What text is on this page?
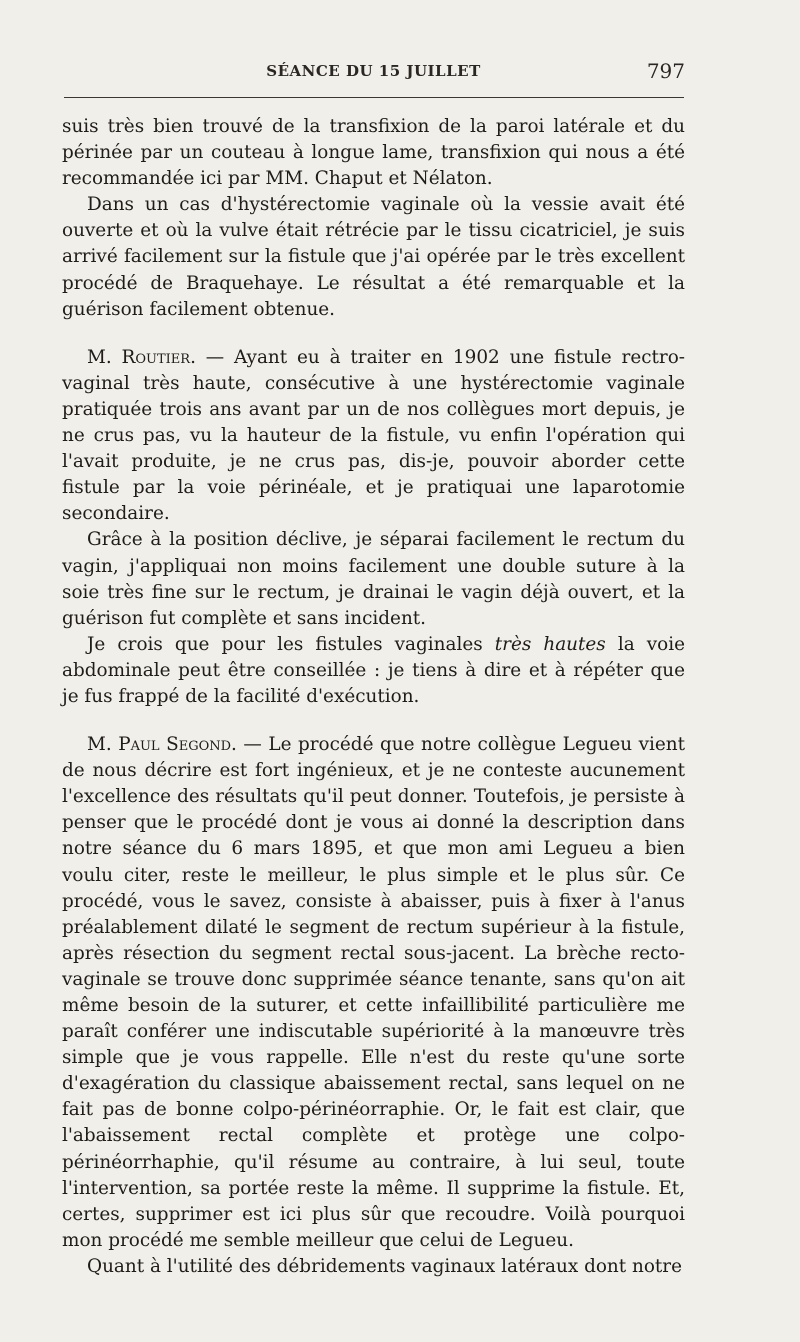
SÉANCE DU 15 JUILLET	797

suis très bien trouvé de la transfixion de la paroi latérale et du périnée par un couteau à longue lame, transfixion qui nous a été recommandée ici par MM. Chaput et Nélaton.

Dans un cas d'hystérectomie vaginale où la vessie avait été ouverte et où la vulve était rétrécie par le tissu cicatriciel, je suis arrivé facilement sur la fistule que j'ai opérée par le très excellent procédé de Braquehaye. Le résultat a été remarquable et la guérison facilement obtenue.

M. Routier. — Ayant eu à traiter en 1902 une fistule rectro-vaginal très haute, consécutive à une hystérectomie vaginale pratiquée trois ans avant par un de nos collègues mort depuis, je ne crus pas, vu la hauteur de la fistule, vu enfin l'opération qui l'avait produite, je ne crus pas, dis-je, pouvoir aborder cette fistule par la voie périnéale, et je pratiquai une laparotomie secondaire.

Grâce à la position déclive, je séparai facilement le rectum du vagin, j'appliquai non moins facilement une double suture à la soie très fine sur le rectum, je drainai le vagin déjà ouvert, et la guérison fut complète et sans incident.

Je crois que pour les fistules vaginales très hautes la voie abdominale peut être conseillée : je tiens à dire et à répéter que je fus frappé de la facilité d'exécution.

M. Paul Segond. — Le procédé que notre collègue Legueu vient de nous décrire est fort ingénieux, et je ne conteste aucunement l'excellence des résultats qu'il peut donner. Toutefois, je persiste à penser que le procédé dont je vous ai donné la description dans notre séance du 6 mars 1895, et que mon ami Legueu a bien voulu citer, reste le meilleur, le plus simple et le plus sûr. Ce procédé, vous le savez, consiste à abaisser, puis à fixer à l'anus préalablement dilaté le segment de rectum supérieur à la fistule, après résection du segment rectal sous-jacent. La brèche recto-vaginale se trouve donc supprimée séance tenante, sans qu'on ait même besoin de la suturer, et cette infaillibilité particulière me paraît conférer une indiscutable supériorité à la manœuvre très simple que je vous rappelle. Elle n'est du reste qu'une sorte d'exagération du classique abaissement rectal, sans lequel on ne fait pas de bonne colpo-périnéorraphie. Or, le fait est clair, que l'abaissement rectal complète et protège une colpo-périnéorrhaphie, qu'il résume au contraire, à lui seul, toute l'intervention, sa portée reste la même. Il supprime la fistule. Et, certes, supprimer est ici plus sûr que recoudre. Voilà pourquoi mon procédé me semble meilleur que celui de Legueu.

Quant à l'utilité des débridements vaginaux latéraux dont notre
